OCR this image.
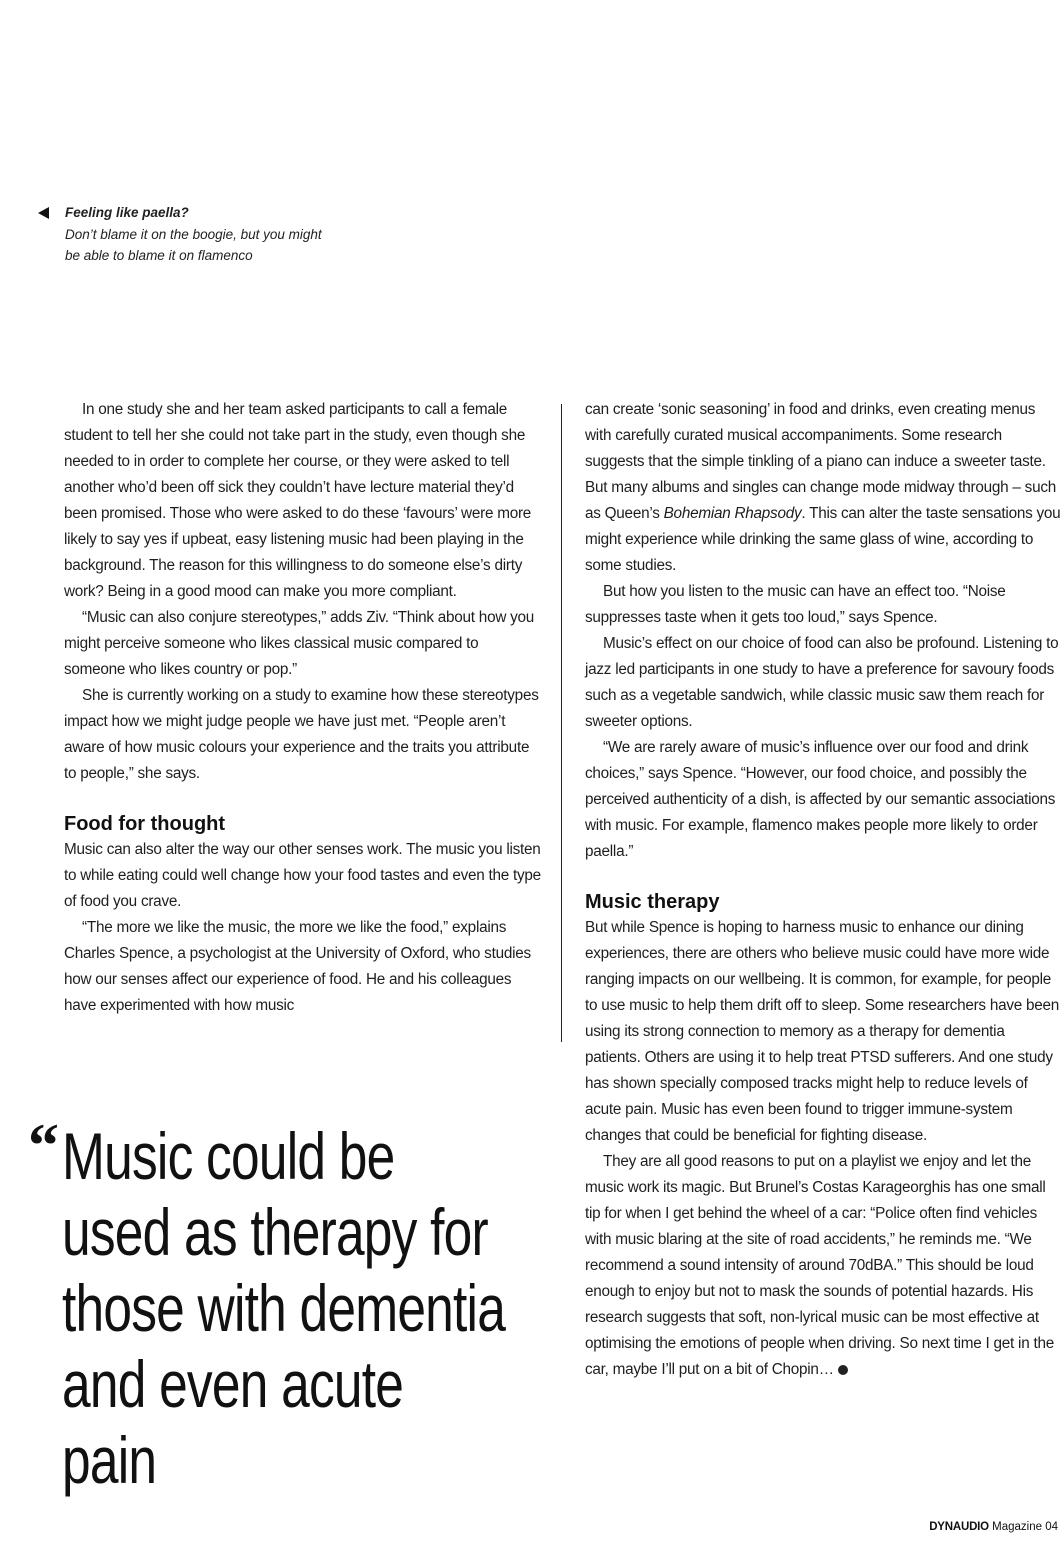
Feeling like paella?
Don’t blame it on the boogie, but you might be able to blame it on flamenco

In one study she and her team asked participants to call a female student to tell her she could not take part in the study, even though she needed to in order to complete her course, or they were asked to tell another who’d been off sick they couldn’t have lecture material they’d been promised. Those who were asked to do these ‘favours’ were more likely to say yes if upbeat, easy listening music had been playing in the background. The reason for this willingness to do someone else’s dirty work? Being in a good mood can make you more compliant.

“Music can also conjure stereotypes,” adds Ziv. “Think about how you might perceive someone who likes classical music compared to someone who likes country or pop.”

She is currently working on a study to examine how these stereotypes impact how we might judge people we have just met. “People aren’t aware of how music colours your experience and the traits you attribute to people,” she says.

Food for thought

Music can also alter the way our other senses work. The music you listen to while eating could well change how your food tastes and even the type of food you crave.

“The more we like the music, the more we like the food,” explains Charles Spence, a psychologist at the University of Oxford, who studies how our senses affect our experience of food. He and his colleagues have experimented with how music

can create ‘sonic seasoning’ in food and drinks, even creating menus with carefully curated musical accompaniments. Some research suggests that the simple tinkling of a piano can induce a sweeter taste. But many albums and singles can change mode midway through – such as Queen’s Bohemian Rhapsody. This can alter the taste sensations you might experience while drinking the same glass of wine, according to some studies.

But how you listen to the music can have an effect too. “Noise suppresses taste when it gets too loud,” says Spence.

Music’s effect on our choice of food can also be profound. Listening to jazz led participants in one study to have a preference for savoury foods such as a vegetable sandwich, while classic music saw them reach for sweeter options.

“We are rarely aware of music’s influence over our food and drink choices,” says Spence. “However, our food choice, and possibly the perceived authenticity of a dish, is affected by our semantic associations with music. For example, flamenco makes people more likely to order paella.”

Music therapy

But while Spence is hoping to harness music to enhance our dining experiences, there are others who believe music could have more wide ranging impacts on our wellbeing. It is common, for example, for people to use music to help them drift off to sleep. Some researchers have been using its strong connection to memory as a therapy for dementia patients. Others are using it to help treat PTSD sufferers. And one study has shown specially composed tracks might help to reduce levels of acute pain. Music has even been found to trigger immune-system changes that could be beneficial for fighting disease.

They are all good reasons to put on a playlist we enjoy and let the music work its magic. But Brunel’s Costas Karageorghis has one small tip for when I get behind the wheel of a car: “Police often find vehicles with music blaring at the site of road accidents,” he reminds me. “We recommend a sound intensity of around 70dBA.” This should be loud enough to enjoy but not to mask the sounds of potential hazards. His research suggests that soft, non-lyrical music can be most effective at optimising the emotions of people when driving. So next time I get in the car, maybe I’ll put on a bit of Chopin…

“ Music could be used as therapy for those with dementia and even acute pain
DYNAUDIO Magazine 04
